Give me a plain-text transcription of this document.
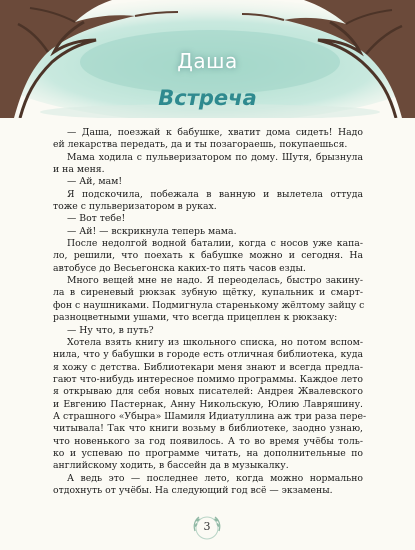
Даша
Встреча
— Даша, поезжай к бабушке, хватит дома сидеть! Надо
ей лекарства передать, да и ты позагораешь, покупаешься.
Мама ходила с пульверизатором по дому. Шутя, брызнула
и на меня.
— Ай, мам!
Я подскочила, побежала в ванную и вылетела оттуда
тоже с пульверизатором в руках.
— Вот тебе!
— Ай! — вскрикнула теперь мама.
После недолгой водной баталии, когда с носов уже капа-
ло, решили, что поехать к бабушке можно и сегодня. На
автобусе до Весьегонска каких-то пять часов езды.
Много вещей мне не надо. Я переоделась, быстро закину-
ла в сиреневый рюкзак зубную щётку, купальник и смарт-
фон с наушниками. Подмигнула старенькому жёлтому зайцу с
разноцветными ушами, что всегда прицеплен к рюкзаку:
— Ну что, в путь?
Хотела взять книгу из школьного списка, но потом вспом-
нила, что у бабушки в городе есть отличная библиотека, куда
я хожу с детства. Библиотекари меня знают и всегда предла-
гают что-нибудь интересное помимо программы. Каждое лето
я открываю для себя новых писателей: Андрея Жвалевского
и Евгению Пастернак, Анну Никольскую, Юлию Лавряшину.
А страшного «Убыра» Шамиля Идиатуллина аж три раза пере-
читывала! Так что книги возьму в библиотеке, заодно узнаю,
что новенького за год появилось. А то во время учёбы толь-
ко и успеваю по программе читать, на дополнительные по
английскому ходить, в бассейн да в музыкалку.
А ведь это — последнее лето, когда можно нормально
отдохнуть от учёбы. На следующий год всё — экзамены.
3
